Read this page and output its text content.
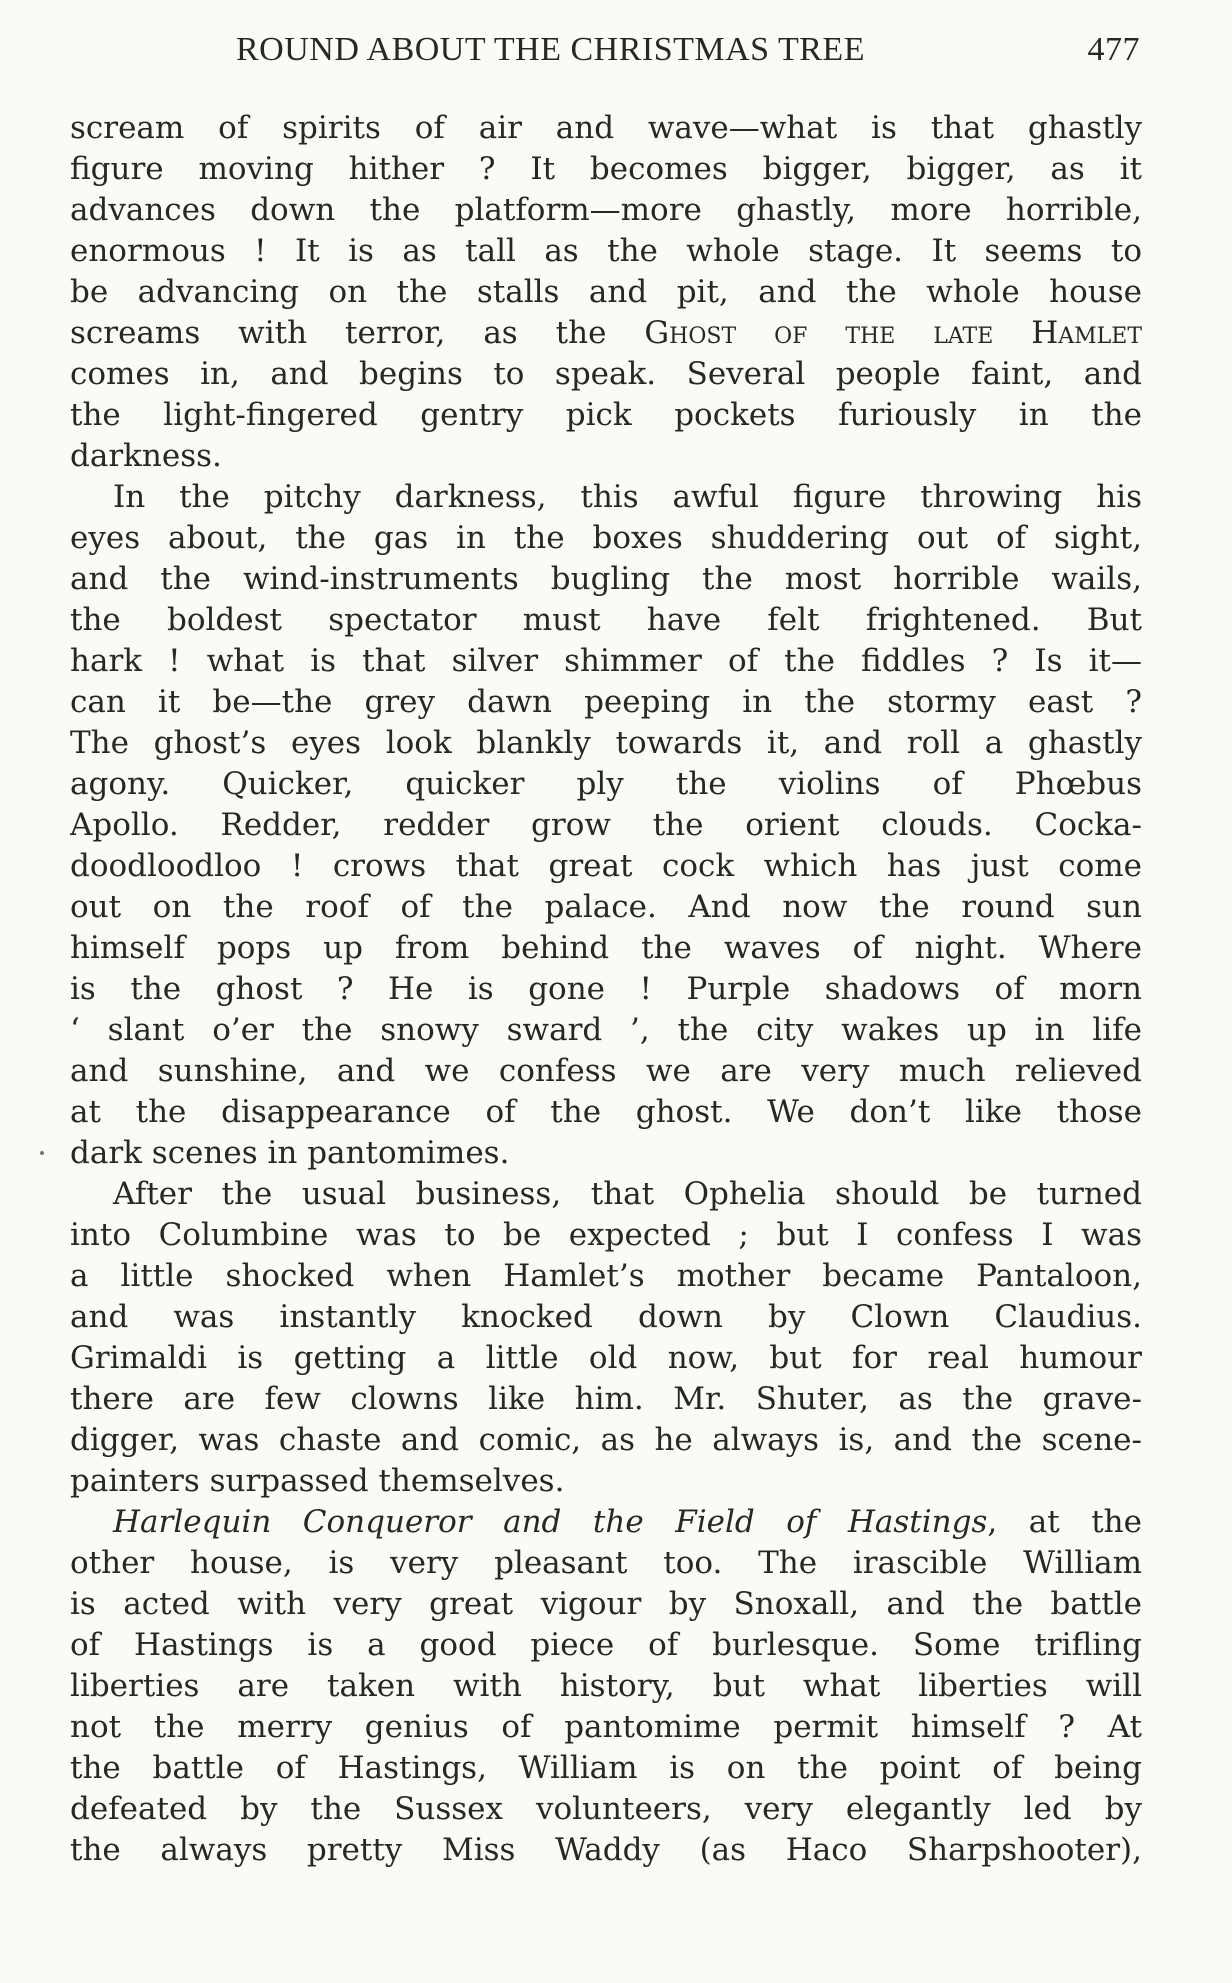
ROUND ABOUT THE CHRISTMAS TREE	477
scream of spirits of air and wave—what is that ghastly
figure moving hither ? It becomes bigger, bigger, as it
advances down the platform—more ghastly, more horrible,
enormous ! It is as tall as the whole stage. It seems to
be advancing on the stalls and pit, and the whole house
screams with terror, as the Ghost of the late Hamlet
comes in, and begins to speak. Several people faint, and
the light-fingered gentry pick pockets furiously in the
darkness.
In the pitchy darkness, this awful figure throwing his
eyes about, the gas in the boxes shuddering out of sight,
and the wind-instruments bugling the most horrible wails,
the boldest spectator must have felt frightened. But
hark ! what is that silver shimmer of the fiddles ? Is it—
can it be—the grey dawn peeping in the stormy east ?
The ghost’s eyes look blankly towards it, and roll a ghastly
agony. Quicker, quicker ply the violins of Phœbus
Apollo. Redder, redder grow the orient clouds. Cocka-
doodloodloo ! crows that great cock which has just come
out on the roof of the palace. And now the round sun
himself pops up from behind the waves of night. Where
is the ghost ? He is gone ! Purple shadows of morn
‘ slant o’er the snowy sward ’, the city wakes up in life
and sunshine, and we confess we are very much relieved
at the disappearance of the ghost. We don’t like those
dark scenes in pantomimes.
After the usual business, that Ophelia should be turned
into Columbine was to be expected ; but I confess I was
a little shocked when Hamlet’s mother became Pantaloon,
and was instantly knocked down by Clown Claudius.
Grimaldi is getting a little old now, but for real humour
there are few clowns like him. Mr. Shuter, as the grave-
digger, was chaste and comic, as he always is, and the scene-
painters surpassed themselves.
Harlequin Conqueror and the Field of Hastings, at the
other house, is very pleasant too. The irascible William
is acted with very great vigour by Snoxall, and the battle
of Hastings is a good piece of burlesque. Some trifling
liberties are taken with history, but what liberties will
not the merry genius of pantomime permit himself ? At
the battle of Hastings, William is on the point of being
defeated by the Sussex volunteers, very elegantly led by
the always pretty Miss Waddy (as Haco Sharpshooter),
